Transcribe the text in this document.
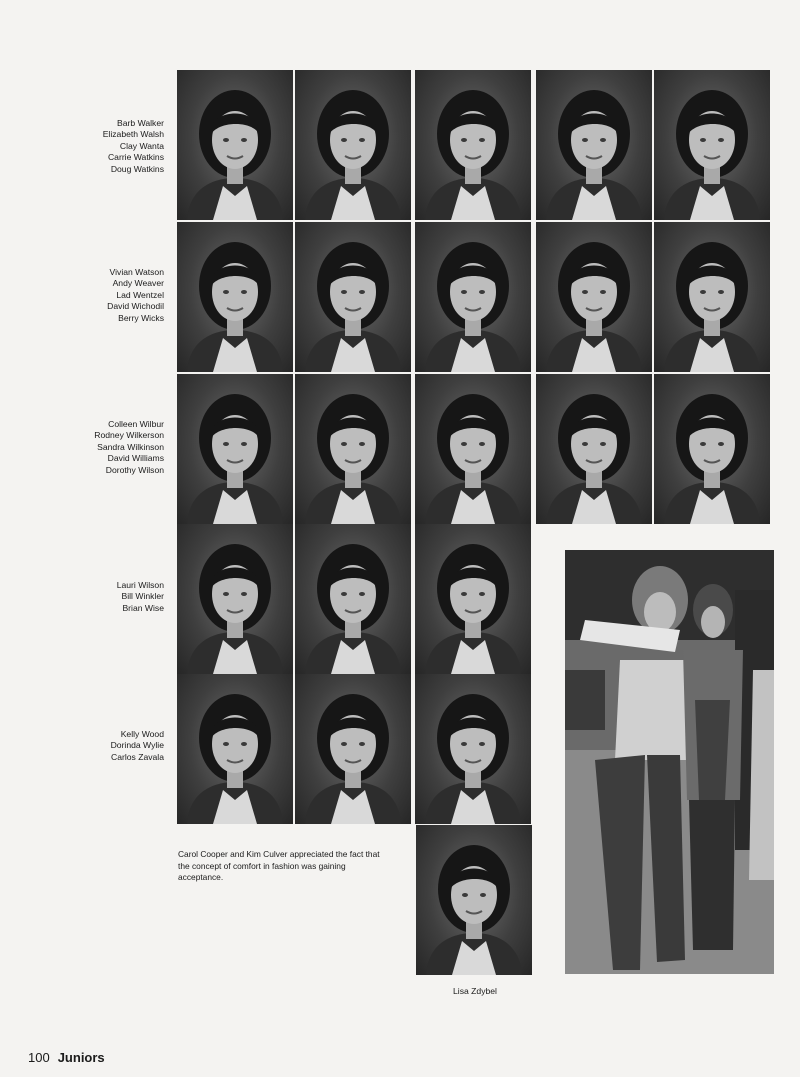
Barb Walker
Elizabeth Walsh
Clay Wanta
Carrie Watkins
Doug Watkins
Vivian Watson
Andy Weaver
Lad Wentzel
David Wichodil
Berry Wicks
Colleen Wilbur
Rodney Wilkerson
Sandra Wilkinson
David Williams
Dorothy Wilson
Lauri Wilson
Bill Winkler
Brian Wise
Kelly Wood
Dorinda Wylie
Carlos Zavala
Carol Cooper and Kim Culver appreciated the fact that the concept of comfort in fashion was gaining acceptance.
Lisa Zdybel
100 Juniors
